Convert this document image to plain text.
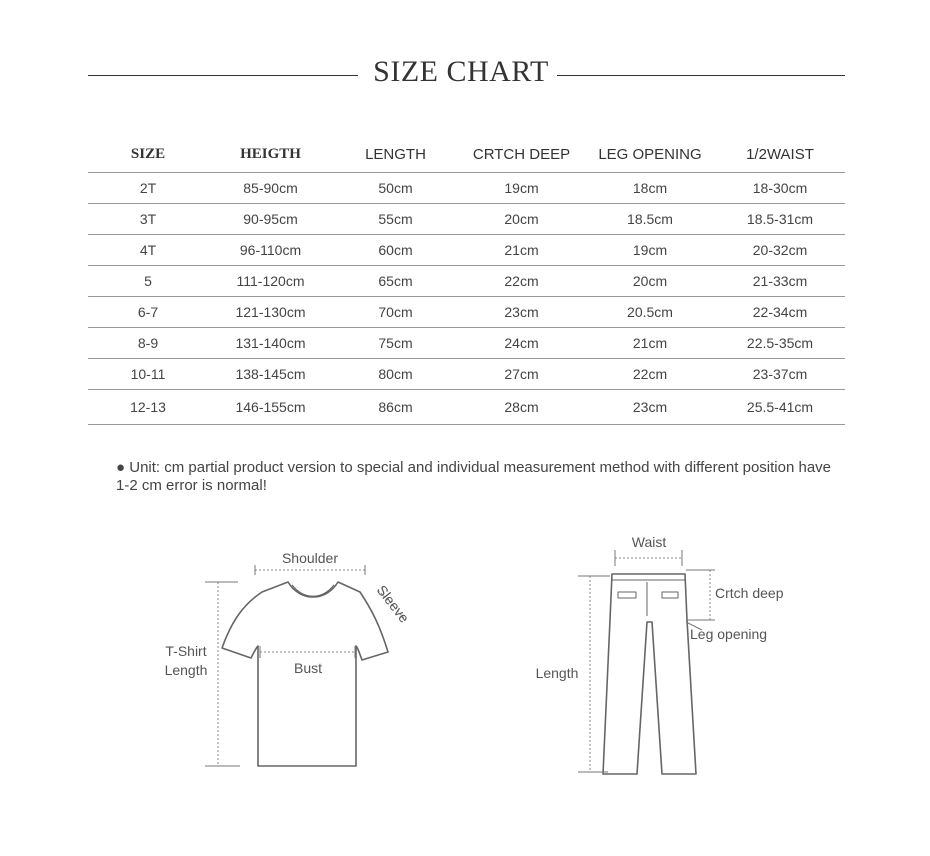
SIZE CHART
SIZE	HEIGTH	LENGTH	CRTCH DEEP	LEG OPENING	1/2WAIST
2T	85-90cm	50cm	19cm	18cm	18-30cm
3T	90-95cm	55cm	20cm	18.5cm	18.5-31cm
4T	96-110cm	60cm	21cm	19cm	20-32cm
5	111-120cm	65cm	22cm	20cm	21-33cm
6-7	121-130cm	70cm	23cm	20.5cm	22-34cm
8-9	131-140cm	75cm	24cm	21cm	22.5-35cm
10-11	138-145cm	80cm	27cm	22cm	23-37cm
12-13	146-155cm	86cm	28cm	23cm	25.5-41cm
● Unit: cm partial product version to special and individual measurement method with different position have 1-2 cm error is normal!
Shoulder
Sleeve
T-Shirt
Length	Bust
Waist
Crtch deep
Leg opening
Length
